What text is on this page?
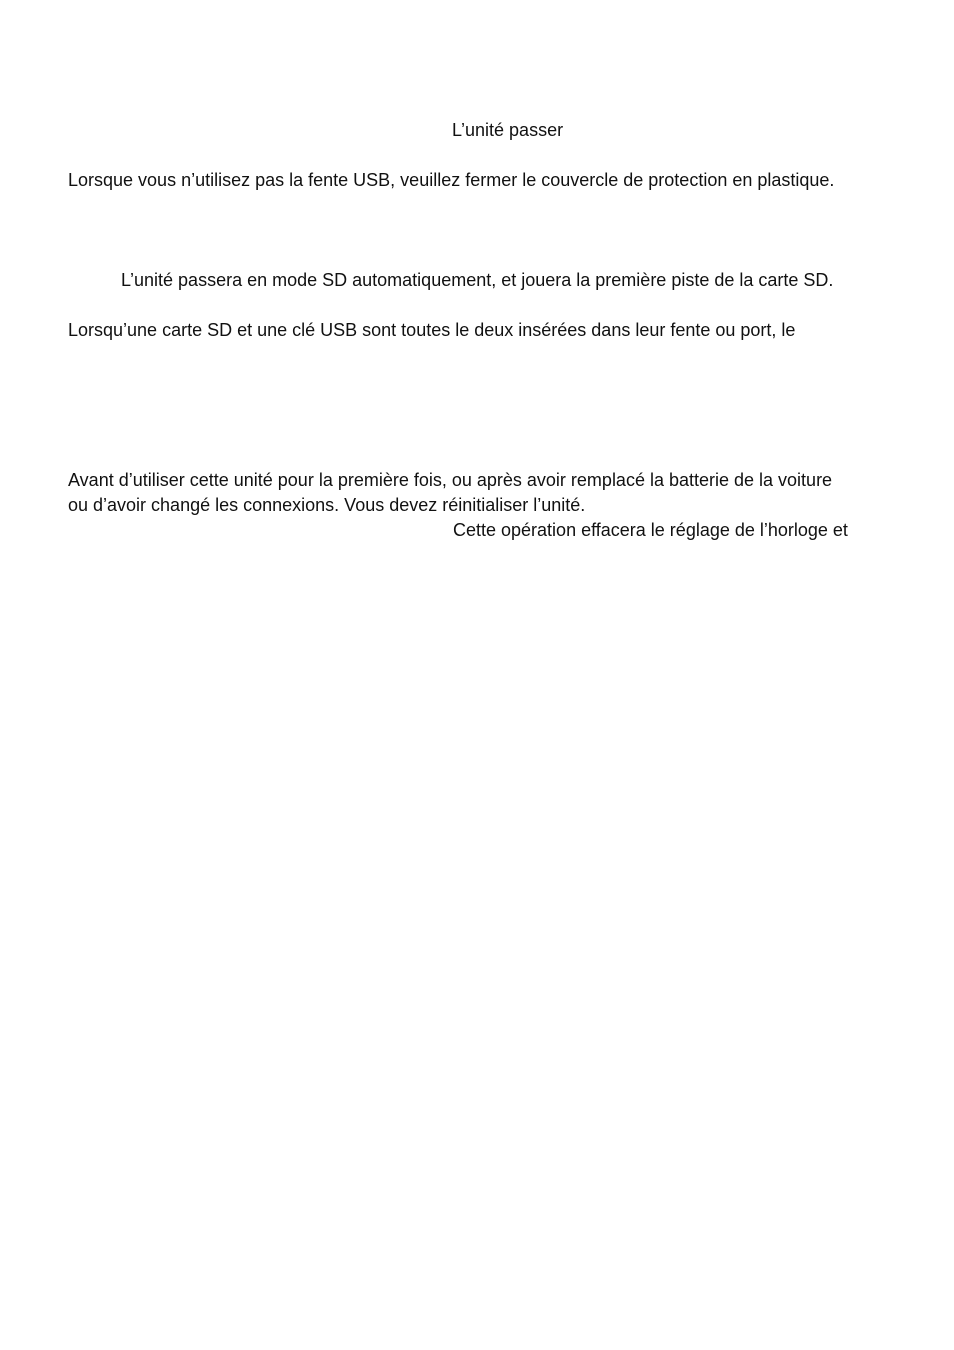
L’unité passer
Lorsque vous n’utilisez pas la fente USB, veuillez fermer le couvercle de protection en plastique.
L’unité passera en mode SD automatiquement, et jouera la première piste de la carte SD.
Lorsqu’une carte SD et une clé USB sont toutes le deux insérées dans leur fente ou port, le
Avant d’utiliser cette unité pour la première fois, ou après avoir remplacé la batterie de la voiture
ou d’avoir changé les connexions. Vous devez réinitialiser l’unité.
Cette opération effacera le réglage de l’horloge et
